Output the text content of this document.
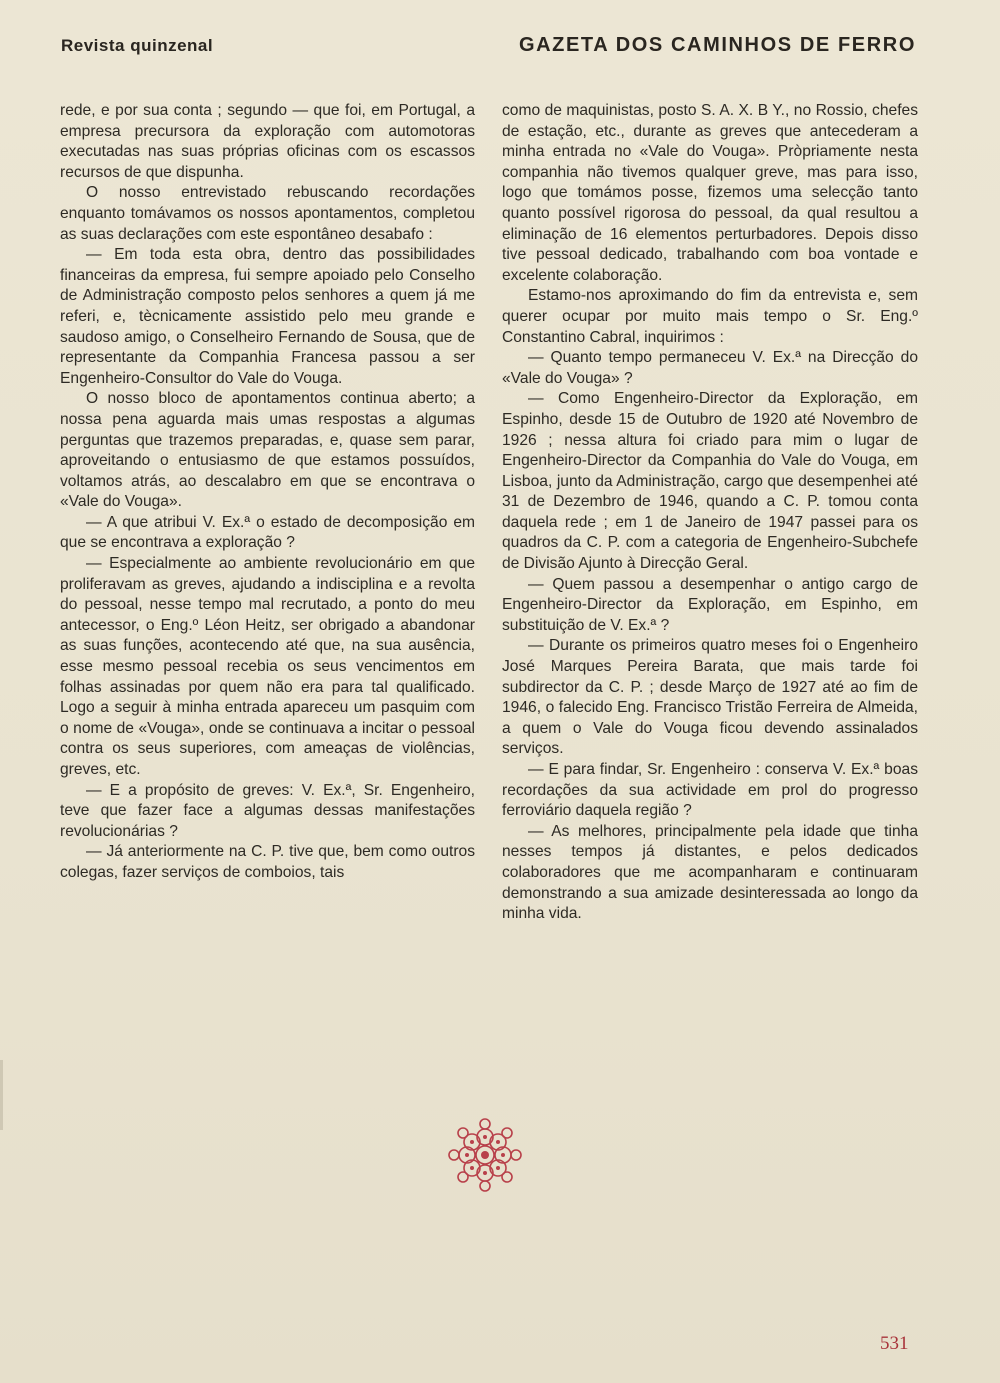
Revista quinzenal	GAZETA DOS CAMINHOS DE FERRO

rede, e por sua conta ; segundo — que foi, em Portugal, a empresa precursora da exploração com automotoras executadas nas suas próprias oficinas com os escassos recursos de que dispunha.

O nosso entrevistado rebuscando recordações enquanto tomávamos os nossos apontamentos, completou as suas declarações com este espontâneo desabafo :

— Em toda esta obra, dentro das possibilidades financeiras da empresa, fui sempre apoiado pelo Conselho de Administração composto pelos senhores a quem já me referi, e, tècnicamente assistido pelo meu grande e saudoso amigo, o Conselheiro Fernando de Sousa, que de representante da Companhia Francesa passou a ser Engenheiro-Consultor do Vale do Vouga.

O nosso bloco de apontamentos continua aberto; a nossa pena aguarda mais umas respostas a algumas perguntas que trazemos preparadas, e, quase sem parar, aproveitando o entusiasmo de que estamos possuídos, voltamos atrás, ao descalabro em que se encontrava o «Vale do Vouga».

— A que atribui V. Ex.ª o estado de decomposição em que se encontrava a exploração ?

— Especialmente ao ambiente revolucionário em que proliferavam as greves, ajudando a indisciplina e a revolta do pessoal, nesse tempo mal recrutado, a ponto do meu antecessor, o Eng.º Léon Heitz, ser obrigado a abandonar as suas funções, acontecendo até que, na sua ausência, esse mesmo pessoal recebia os seus vencimentos em folhas assinadas por quem não era para tal qualificado. Logo a seguir à minha entrada apareceu um pasquim com o nome de «Vouga», onde se continuava a incitar o pessoal contra os seus superiores, com ameaças de violências, greves, etc.

— E a propósito de greves: V. Ex.ª, Sr. Engenheiro, teve que fazer face a algumas dessas manifestações revolucionárias ?

— Já anteriormente na C. P. tive que, bem como outros colegas, fazer serviços de comboios, tais

como de maquinistas, posto S. A. X. B Y., no Rossio, chefes de estação, etc., durante as greves que antecederam a minha entrada no «Vale do Vouga». Pròpriamente nesta companhia não tivemos qualquer greve, mas para isso, logo que tomámos posse, fizemos uma selecção tanto quanto possível rigorosa do pessoal, da qual resultou a eliminação de 16 elementos perturbadores. Depois disso tive pessoal dedicado, trabalhando com boa vontade e excelente colaboração.

Estamo-nos aproximando do fim da entrevista e, sem querer ocupar por muito mais tempo o Sr. Eng.º Constantino Cabral, inquirimos :

— Quanto tempo permaneceu V. Ex.ª na Direcção do «Vale do Vouga» ?

— Como Engenheiro-Director da Exploração, em Espinho, desde 15 de Outubro de 1920 até Novembro de 1926 ; nessa altura foi criado para mim o lugar de Engenheiro-Director da Companhia do Vale do Vouga, em Lisboa, junto da Administração, cargo que desempenhei até 31 de Dezembro de 1946, quando a C. P. tomou conta daquela rede ; em 1 de Janeiro de 1947 passei para os quadros da C. P. com a categoria de Engenheiro-Subchefe de Divisão Ajunto à Direcção Geral.

— Quem passou a desempenhar o antigo cargo de Engenheiro-Director da Exploração, em Espinho, em substituição de V. Ex.ª ?

— Durante os primeiros quatro meses foi o Engenheiro José Marques Pereira Barata, que mais tarde foi subdirector da C. P. ; desde Março de 1927 até ao fim de 1946, o falecido Eng. Francisco Tristão Ferreira de Almeida, a quem o Vale do Vouga ficou devendo assinalados serviços.

— E para findar, Sr. Engenheiro : conserva V. Ex.ª boas recordações da sua actividade em prol do progresso ferroviário daquela região ?

— As melhores, principalmente pela idade que tinha nesses tempos já distantes, e pelos dedicados colaboradores que me acompanharam e continuaram demonstrando a sua amizade desinteressada ao longo da minha vida.

531
